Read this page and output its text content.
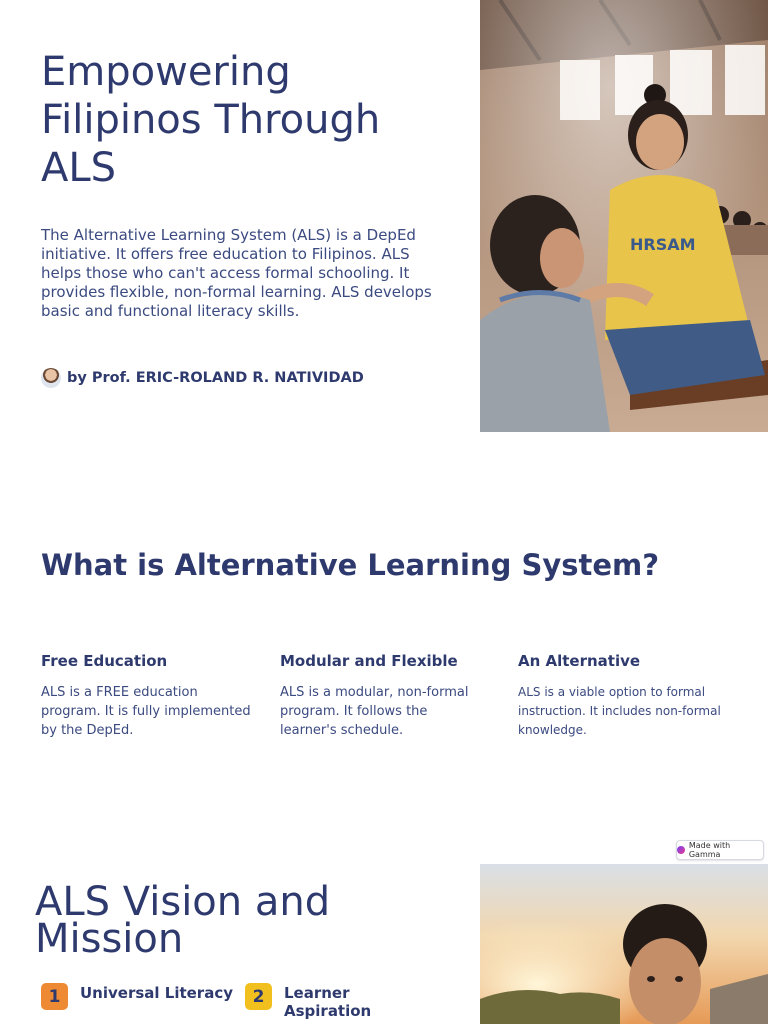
Empowering Filipinos Through ALS

The Alternative Learning System (ALS) is a DepEd initiative. It offers free education to Filipinos. ALS helps those who can't access formal schooling. It provides flexible, non-formal learning. ALS develops basic and functional literacy skills.

by Prof. ERIC-ROLAND R. NATIVIDAD
HRSAM
What is Alternative Learning System?
Free Education

ALS is a FREE education program. It is fully implemented by the DepEd.

Modular and Flexible

ALS is a modular, non-formal program. It follows the learner's schedule.

An Alternative

ALS is a viable option to formal instruction. It includes non-formal knowledge.

Made with Gamma
ALS Vision and Mission
1	Universal Literacy	2	Learner Aspiration
